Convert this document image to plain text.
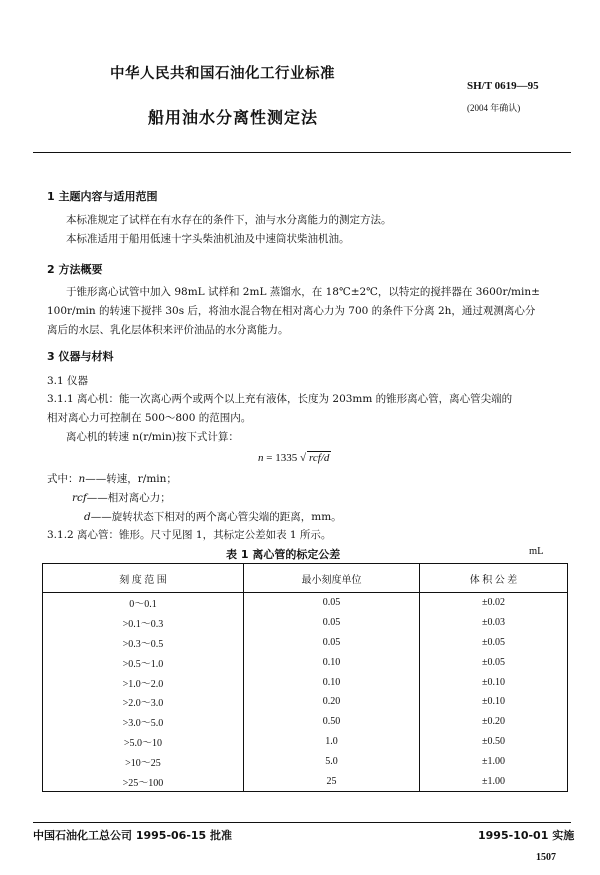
中华人民共和国石油化工行业标准
SH/T 0619—95
(2004 年确认)
船用油水分离性测定法
1 主题内容与适用范围
本标准规定了试样在有水存在的条件下，油与水分离能力的测定方法。
本标准适用于船用低速十字头柴油机油及中速筒状柴油机油。
2 方法概要
于锥形离心试管中加入 98mL 试样和 2mL 蒸馏水，在 18℃±2℃，以特定的搅拌器在 3600r/min±
100r/min 的转速下搅拌 30s 后，将油水混合物在相对离心力为 700 的条件下分离 2h，通过观测离心分
离后的水层、乳化层体积来评价油品的水分离能力。
3 仪器与材料
3.1 仪器
3.1.1 离心机：能一次离心两个或两个以上充有液体，长度为 203mm 的锥形离心管，离心管尖端的
相对离心力可控制在 500～800 的范围内。
离心机的转速 n(r/min)按下式计算：
n = 1335 √ rcf/d
式中：n——转速，r/min；
rcf——相对离心力；
d——旋转状态下相对的两个离心管尖端的距离，mm。
3.1.2 离心管：锥形。尺寸见图 1，其标定公差如表 1 所示。
表 1 离心管的标定公差	mL
刻 度 范 围	最小刻度单位	体 积 公 差
0～0.1	0.05	±0.02
>0.1～0.3	0.05	±0.03
>0.3～0.5	0.05	±0.05
>0.5～1.0	0.10	±0.05
>1.0～2.0	0.10	±0.10
>2.0～3.0	0.20	±0.10
>3.0～5.0	0.50	±0.20
>5.0～10	1.0	±0.50
>10～25	5.0	±1.00
>25～100	25	±1.00
中国石油化工总公司 1995-06-15 批准	1995-10-01 实施
1507
